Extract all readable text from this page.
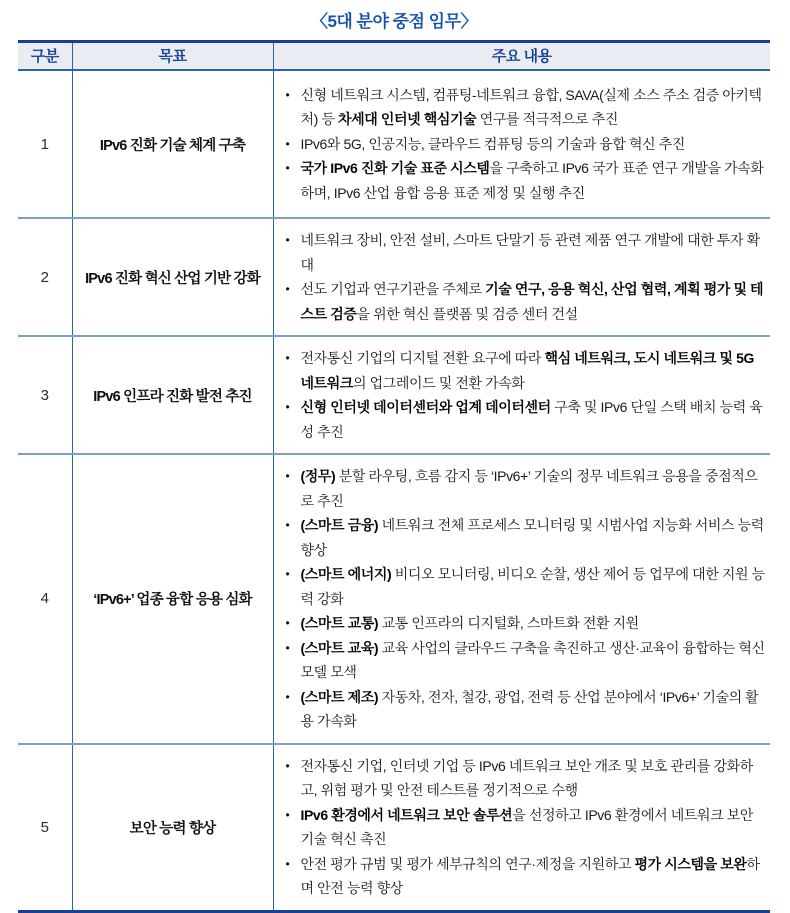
〈5대 분야 중점 임무〉
구분	목표	주요 내용
1	IPv6 진화 기술 체계 구축	
• 신형 네트워크 시스템, 컴퓨팅-네트워크 융합, SAVA(실제 소스 주소 검증 아키텍처) 등 차세대 인터넷 핵심기술 연구를 적극적으로 추진
• IPv6와 5G, 인공지능, 클라우드 컴퓨팅 등의 기술과 융합 혁신 추진
• 국가 IPv6 진화 기술 표준 시스템을 구축하고 IPv6 국가 표준 연구 개발을 가속화하며, IPv6 산업 융합 응용 표준 제정 및 실행 추진

2	IPv6 진화 혁신 산업 기반 강화	• 네트워크 장비, 안전 설비, 스마트 단말기 등 관련 제품 연구 개발에 대한 투자 확대
• 선도 기업과 연구기관을 주체로 기술 연구, 응용 혁신, 산업 협력, 계획 평가 및 테스트 검증을 위한 혁신 플랫폼 및 검증 센터 건설

3	IPv6 인프라 진화 발전 추진	• 전자통신 기업의 디지털 전환 요구에 따라 핵심 네트워크, 도시 네트워크 및 5G 네트워크의 업그레이드 및 전환 가속화
• 신형 인터넷 데이터센터와 업계 데이터센터 구축 및 IPv6 단일 스택 배치 능력 육성 추진

4	‘IPv6+’ 업종 융합 응용 심화	
• (정무) 분할 라우팅, 흐름 감지 등 ‘IPv6+’ 기술의 정무 네트워크 응용을 중점적으로 추진
• (스마트 금융) 네트워크 전체 프로세스 모니터링 및 시범사업 지능화 서비스 능력 향상
• (스마트 에너지) 비디오 모니터링, 비디오 순찰, 생산 제어 등 업무에 대한 지원 능력 강화
• (스마트 교통) 교통 인프라의 디지털화, 스마트화 전환 지원
• (스마트 교육) 교육 사업의 클라우드 구축을 촉진하고 생산·교육이 융합하는 혁신 모델 모색
• (스마트 제조) 자동차, 전자, 철강, 광업, 전력 등 산업 분야에서 ‘IPv6+’ 기술의 활용 가속화

5	보안 능력 향상	
• 전자통신 기업, 인터넷 기업 등 IPv6 네트워크 보안 개조 및 보호 관리를 강화하고, 위험 평가 및 안전 테스트를 정기적으로 수행
• IPv6 환경에서 네트워크 보안 솔루션을 선정하고 IPv6 환경에서 네트워크 보안 기술 혁신 촉진
• 안전 평가 규범 및 평가 세부규칙의 연구·제정을 지원하고 평가 시스템을 보완하며 안전 능력 향상
